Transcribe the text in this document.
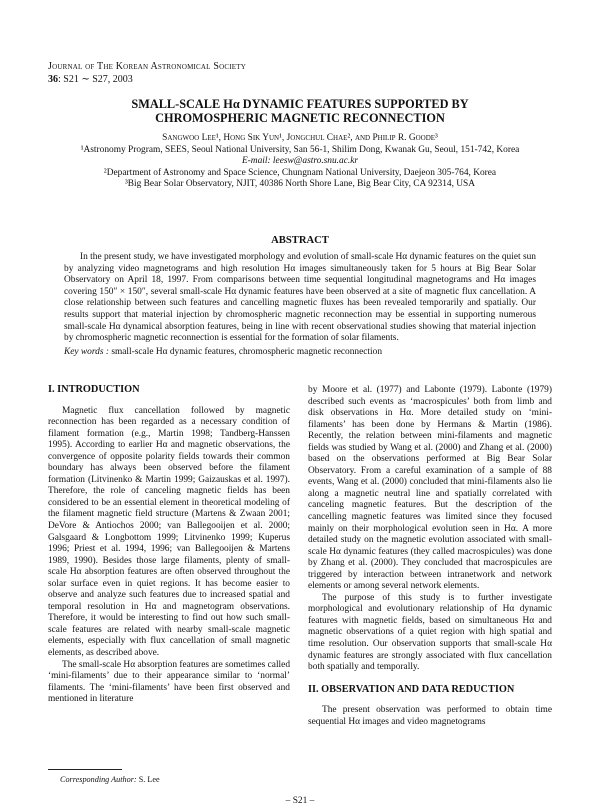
Journal of The Korean Astronomical Society
36: S21 ∼ S27, 2003
SMALL-SCALE Hα DYNAMIC FEATURES SUPPORTED BY
CHROMOSPHERIC MAGNETIC RECONNECTION
Sangwoo Lee¹, Hong Sik Yun¹, Jongchul Chae², and Philip R. Goode³
¹Astronomy Program, SEES, Seoul National University, San 56-1, Shilim Dong, Kwanak Gu, Seoul, 151-742, Korea
E-mail: leesw@astro.snu.ac.kr
²Department of Astronomy and Space Science, Chungnam National University, Daejeon 305-764, Korea
³Big Bear Solar Observatory, NJIT, 40386 North Shore Lane, Big Bear City, CA 92314, USA
ABSTRACT
In the present study, we have investigated morphology and evolution of small-scale Hα dynamic features on the quiet sun by analyzing video magnetograms and high resolution Hα images simultaneously taken for 5 hours at Big Bear Solar Observatory on April 18, 1997. From comparisons between time sequential longitudinal magnetograms and Hα images covering 150″ × 150″, several small-scale Hα dynamic features have been observed at a site of magnetic flux cancellation. A close relationship between such features and cancelling magnetic fluxes has been revealed temporarily and spatially. Our results support that material injection by chromospheric magnetic reconnection may be essential in supporting numerous small-scale Hα dynamical absorption features, being in line with recent observational studies showing that material injection by chromospheric magnetic reconnection is essential for the formation of solar filaments.
Key words : small-scale Hα dynamic features, chromospheric magnetic reconnection
I. INTRODUCTION

Magnetic flux cancellation followed by magnetic reconnection has been regarded as a necessary condition of filament formation (e.g., Martin 1998; Tandberg-Hanssen 1995). According to earlier Hα and magnetic observations, the convergence of opposite polarity fields towards their common boundary has always been observed before the filament formation (Litvinenko & Martin 1999; Gaizauskas et al. 1997). Therefore, the role of canceling magnetic fields has been considered to be an essential element in theoretical modeling of the filament magnetic field structure (Martens & Zwaan 2001; DeVore & Antiochos 2000; van Ballegooijen et al. 2000; Galsgaard & Longbottom 1999; Litvinenko 1999; Kuperus 1996; Priest et al. 1994, 1996; van Ballegooijen & Martens 1989, 1990). Besides those large filaments, plenty of small-scale Hα absorption features are often observed throughout the solar surface even in quiet regions. It has become easier to observe and analyze such features due to increased spatial and temporal resolution in Hα and magnetogram observations. Therefore, it would be interesting to find out how such small-scale features are related with nearby small-scale magnetic elements, especially with flux cancellation of small magnetic elements, as described above.

The small-scale Hα absorption features are sometimes called ‘mini-filaments’ due to their appearance similar to ‘normal’ filaments. The ‘mini-filaments’ have been first observed and mentioned in literature

by Moore et al. (1977) and Labonte (1979). Labonte (1979) described such events as ‘macrospicules’ both from limb and disk observations in Hα. More detailed study on ‘mini-filaments’ has been done by Hermans & Martin (1986). Recently, the relation between mini-filaments and magnetic fields was studied by Wang et al. (2000) and Zhang et al. (2000) based on the observations performed at Big Bear Solar Observatory. From a careful examination of a sample of 88 events, Wang et al. (2000) concluded that mini-filaments also lie along a magnetic neutral line and spatially correlated with canceling magnetic features. But the description of the cancelling magnetic features was limited since they focused mainly on their morphological evolution seen in Hα. A more detailed study on the magnetic evolution associated with small-scale Hα dynamic features (they called macrospicules) was done by Zhang et al. (2000). They concluded that macrospicules are triggered by interaction between intranetwork and network elements or among several network elements.

The purpose of this study is to further investigate morphological and evolutionary relationship of Hα dynamic features with magnetic fields, based on simultaneous Hα and magnetic observations of a quiet region with high spatial and time resolution. Our observation supports that small-scale Hα dynamic features are strongly associated with flux cancellation both spatially and temporally.

II. OBSERVATION AND DATA REDUCTION

The present observation was performed to obtain time sequential Hα images and video magnetograms

Corresponding Author: S. Lee
– S21 –
